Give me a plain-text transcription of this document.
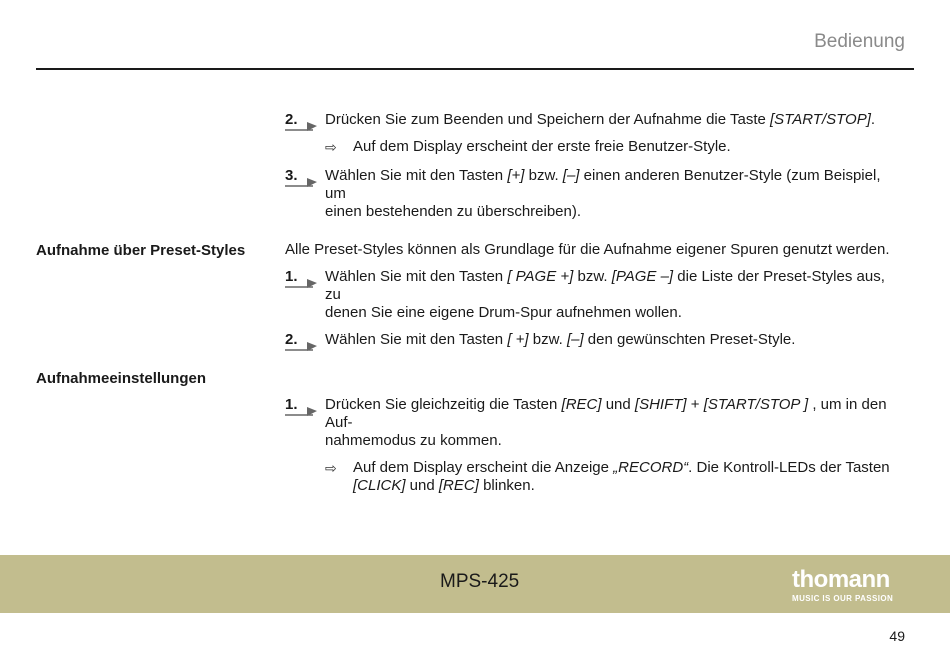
Bedienung
2.	Drücken Sie zum Beenden und Speichern der Aufnahme die Taste [START/STOP].
⇨ Auf dem Display erscheint der erste freie Benutzer-Style.
3.	Wählen Sie mit den Tasten [+] bzw. [–] einen anderen Benutzer-Style (zum Beispiel, um
einen bestehenden zu überschreiben).
Aufnahme über Preset-Styles	Alle Preset-Styles können als Grundlage für die Aufnahme eigener Spuren genutzt werden.
1.	Wählen Sie mit den Tasten [ PAGE +] bzw. [PAGE –] die Liste der Preset-Styles aus, zu
denen Sie eine eigene Drum-Spur aufnehmen wollen.
2.	Wählen Sie mit den Tasten [ +] bzw. [–] den gewünschten Preset-Style.
Aufnahmeeinstellungen
1.	Drücken Sie gleichzeitig die Tasten [REC] und [SHIFT] + [START/STOP ] , um in den Auf-
nahmemodus zu kommen.
⇨ Auf dem Display erscheint die Anzeige „RECORD“. Die Kontroll-LEDs der Tasten
[CLICK] und [REC] blinken.
MPS-425	thomann
MUSIC IS OUR PASSION
49
